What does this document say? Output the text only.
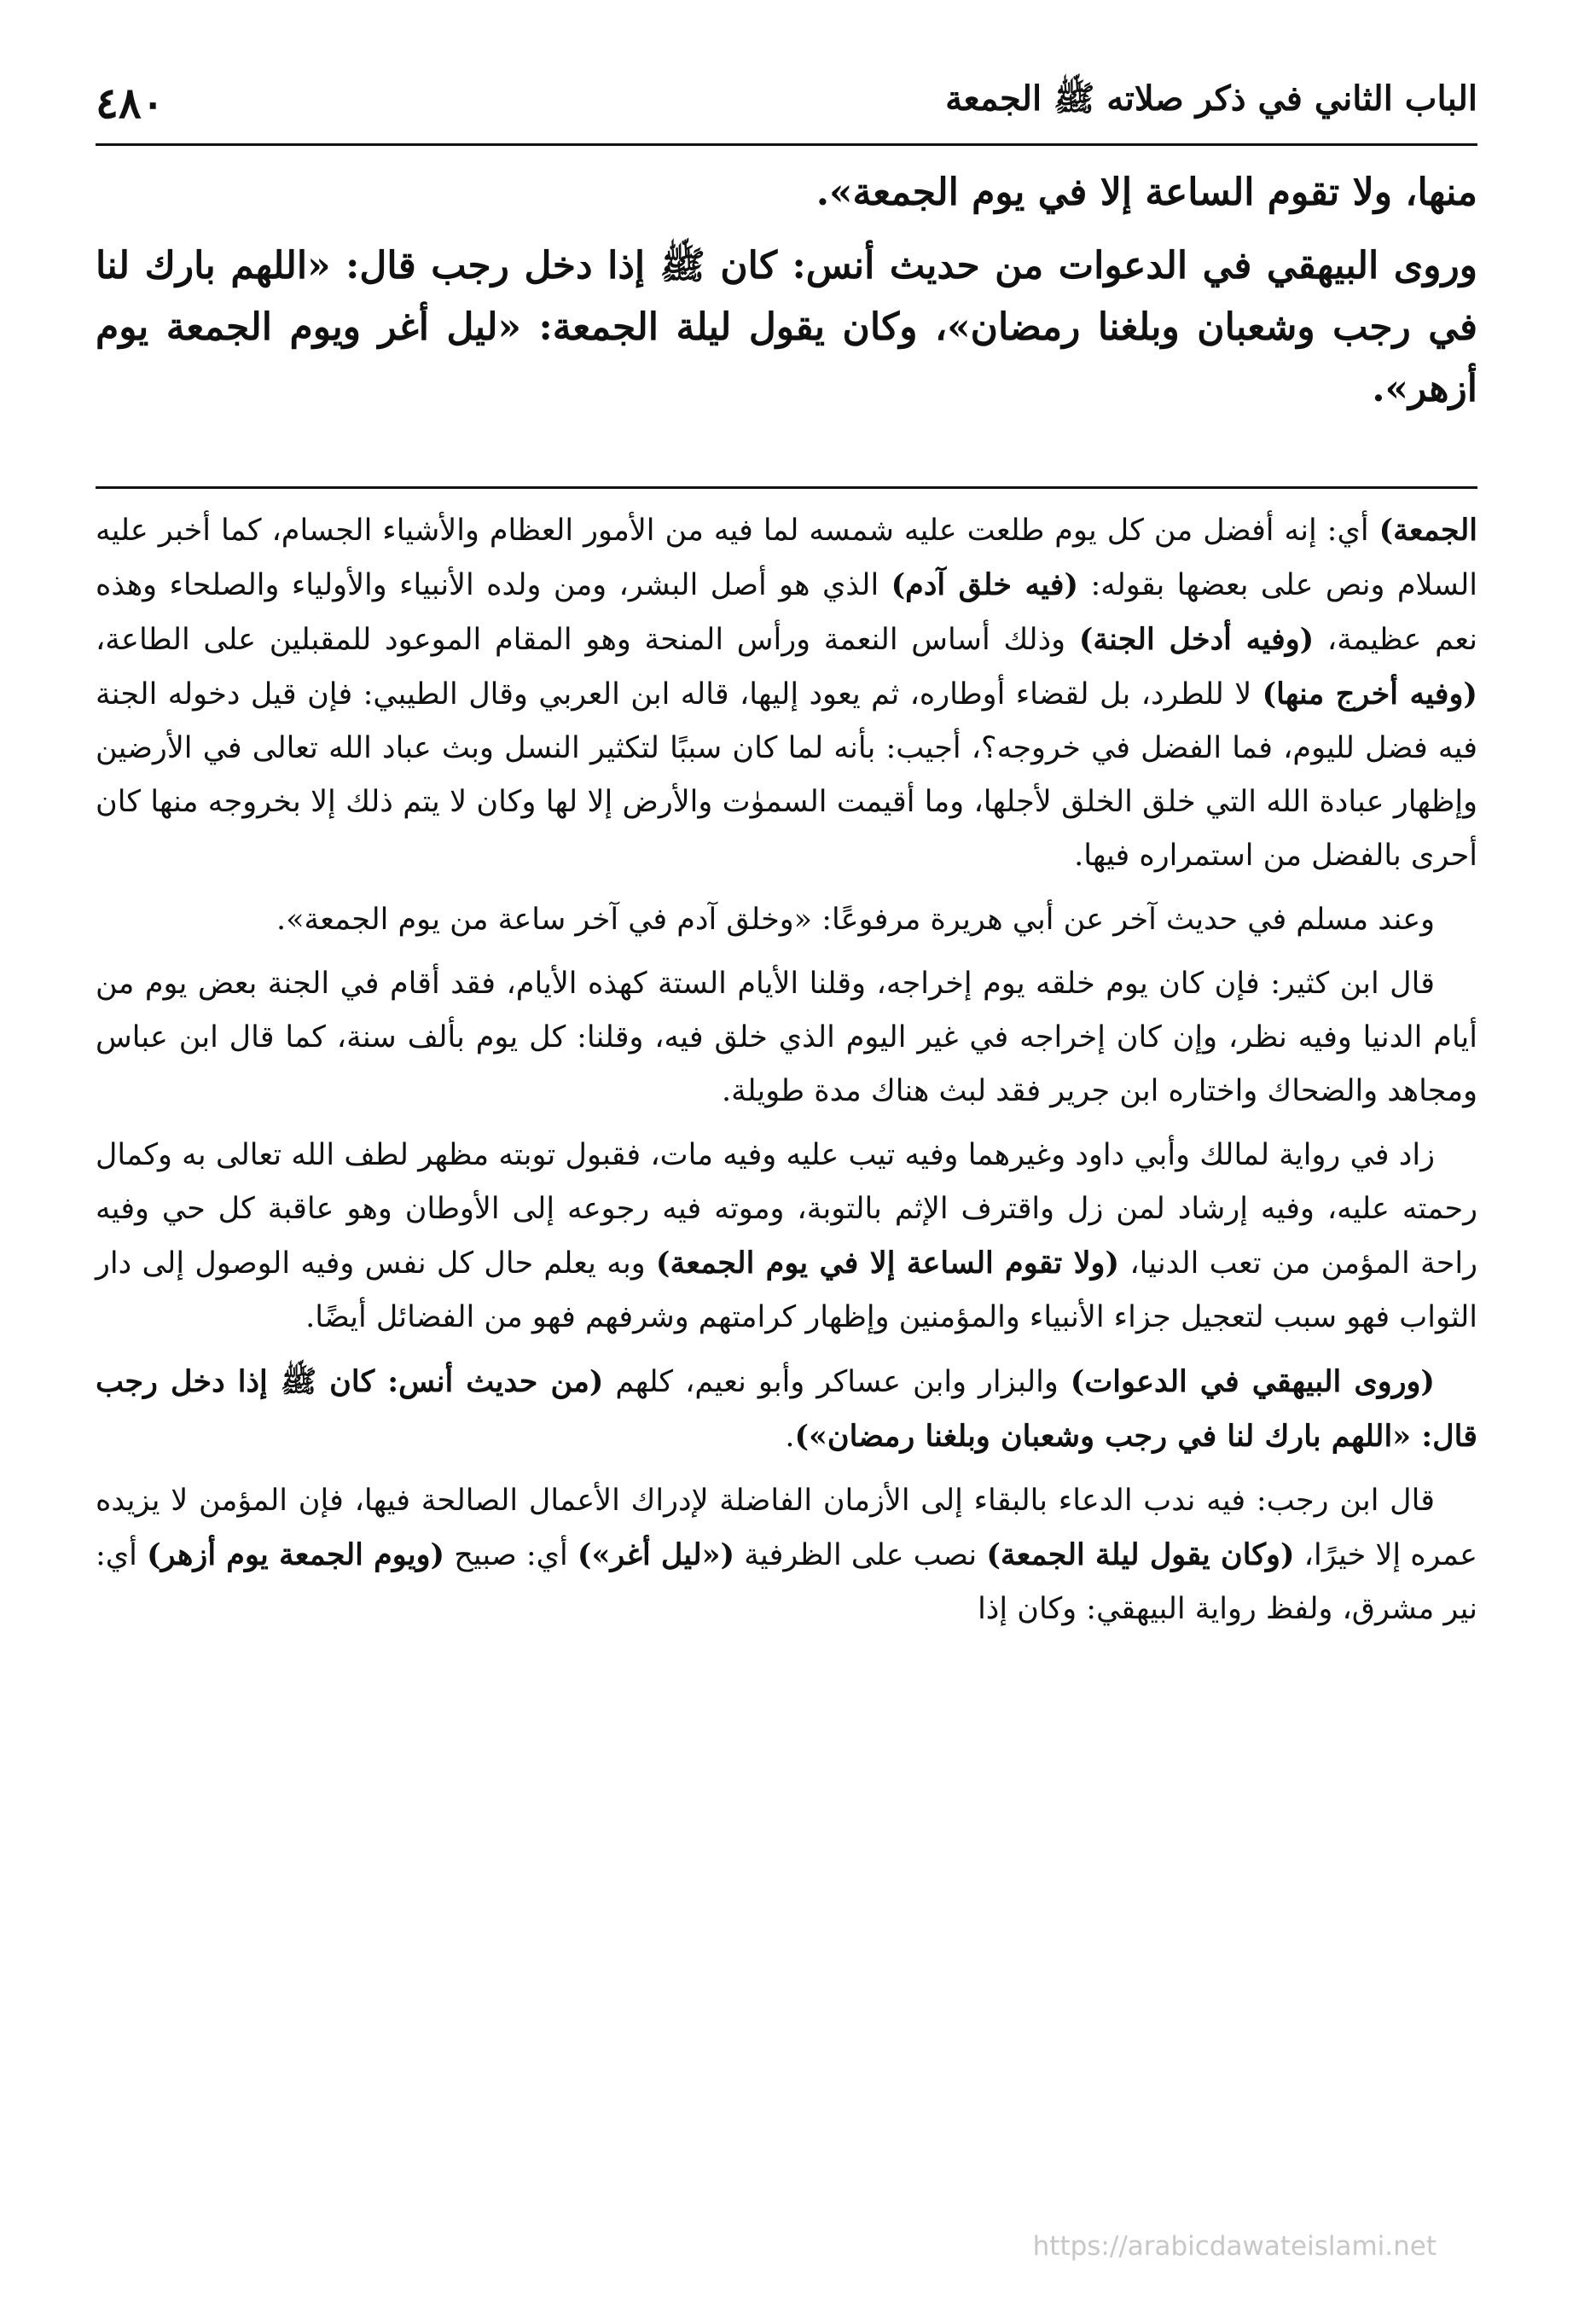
٤٨٠	الباب الثاني في ذكر صلاته ﷺ الجمعة

منها، ولا تقوم الساعة إلا في يوم الجمعة».

وروى البيهقي في الدعوات من حديث أنس: كان ﷺ إذا دخل رجب قال: «اللهم بارك لنا في رجب وشعبان وبلغنا رمضان»، وكان يقول ليلة الجمعة: «ليل أغر ويوم الجمعة يوم أزهر».

الجمعة) أي: إنه أفضل من كل يوم طلعت عليه شمسه لما فيه من الأمور العظام والأشياء الجسام، كما أخبر عليه السلام ونص على بعضها بقوله: (فيه خلق آدم) الذي هو أصل البشر، ومن ولده الأنبياء والأولياء والصلحاء وهذه نعم عظيمة، (وفيه أدخل الجنة) وذلك أساس النعمة ورأس المنحة وهو المقام الموعود للمقبلين على الطاعة، (وفيه أخرج منها) لا للطرد، بل لقضاء أوطاره، ثم يعود إليها، قاله ابن العربي وقال الطيبي: فإن قيل دخوله الجنة فيه فضل لليوم، فما الفضل في خروجه؟، أجيب: بأنه لما كان سببًا لتكثير النسل وبث عباد الله تعالى في الأرضين وإظهار عبادة الله التي خلق الخلق لأجلها، وما أقيمت السموٰت والأرض إلا لها وكان لا يتم ذلك إلا بخروجه منها كان أحرى بالفضل من استمراره فيها.

وعند مسلم في حديث آخر عن أبي هريرة مرفوعًا: «وخلق آدم في آخر ساعة من يوم الجمعة».

قال ابن كثير: فإن كان يوم خلقه يوم إخراجه، وقلنا الأيام الستة كهذه الأيام، فقد أقام في الجنة بعض يوم من أيام الدنيا وفيه نظر، وإن كان إخراجه في غير اليوم الذي خلق فيه، وقلنا: كل يوم بألف سنة، كما قال ابن عباس ومجاهد والضحاك واختاره ابن جرير فقد لبث هناك مدة طويلة.

زاد في رواية لمالك وأبي داود وغيرهما وفيه تيب عليه وفيه مات، فقبول توبته مظهر لطف الله تعالى به وكمال رحمته عليه، وفيه إرشاد لمن زل واقترف الإثم بالتوبة، وموته فيه رجوعه إلى الأوطان وهو عاقبة كل حي وفيه راحة المؤمن من تعب الدنيا، (ولا تقوم الساعة إلا في يوم الجمعة) وبه يعلم حال كل نفس وفيه الوصول إلى دار الثواب فهو سبب لتعجيل جزاء الأنبياء والمؤمنين وإظهار كرامتهم وشرفهم فهو من الفضائل أيضًا.

(وروى البيهقي في الدعوات) والبزار وابن عساكر وأبو نعيم، كلهم (من حديث أنس: كان ﷺ إذا دخل رجب قال: «اللهم بارك لنا في رجب وشعبان وبلغنا رمضان»).

قال ابن رجب: فيه ندب الدعاء بالبقاء إلى الأزمان الفاضلة لإدراك الأعمال الصالحة فيها، فإن المؤمن لا يزيده عمره إلا خيرًا، (وكان يقول ليلة الجمعة) نصب على الظرفية («ليل أغر») أي: صبيح (ويوم الجمعة يوم أزهر) أي: نير مشرق، ولفظ رواية البيهقي: وكان إذا

https://arabicdawateislami.net
